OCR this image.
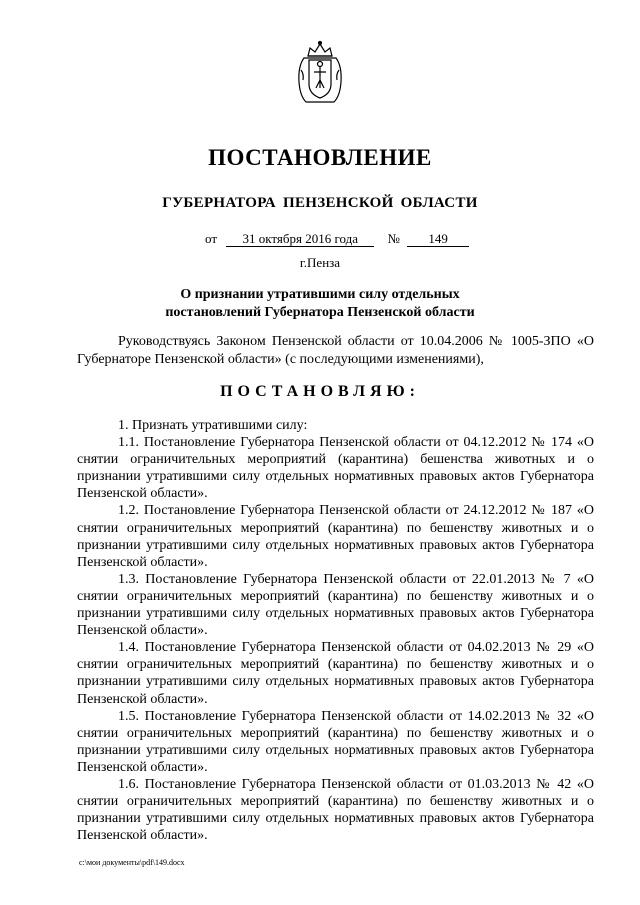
ПОСТАНОВЛЕНИЕ
ГУБЕРНАТОРА ПЕНЗЕНСКОЙ ОБЛАСТИ
от 31 октября 2016 года № 149
г.Пенза
О признании утратившими силу отдельных
постановлений Губернатора Пензенской области
Руководствуясь Законом Пензенской области от 10.04.2006 № 1005-ЗПО «О Губернаторе Пензенской области» (с последующими изменениями),
ПОСТАНОВЛЯЮ:

1. Признать утратившими силу:

1.1. Постановление Губернатора Пензенской области от 04.12.2012 № 174 «О снятии ограничительных мероприятий (карантина) бешенства животных и о признании утратившими силу отдельных нормативных правовых актов Губернатора Пензенской области».

1.2. Постановление Губернатора Пензенской области от 24.12.2012 № 187 «О снятии ограничительных мероприятий (карантина) по бешенству животных и о признании утратившими силу отдельных нормативных правовых актов Губернатора Пензенской области».

1.3. Постановление Губернатора Пензенской области от 22.01.2013 № 7 «О снятии ограничительных мероприятий (карантина) по бешенству животных и о признании утратившими силу отдельных нормативных правовых актов Губернатора Пензенской области».

1.4. Постановление Губернатора Пензенской области от 04.02.2013 № 29 «О снятии ограничительных мероприятий (карантина) по бешенству животных и о признании утратившими силу отдельных нормативных правовых актов Губернатора Пензенской области».

1.5. Постановление Губернатора Пензенской области от 14.02.2013 № 32 «О снятии ограничительных мероприятий (карантина) по бешенству животных и о признании утратившими силу отдельных нормативных правовых актов Губернатора Пензенской области».

1.6. Постановление Губернатора Пензенской области от 01.03.2013 № 42 «О снятии ограничительных мероприятий (карантина) по бешенству животных и о признании утратившими силу отдельных нормативных правовых актов Губернатора Пензенской области».

c:\мои документы\pdf\149.docx
